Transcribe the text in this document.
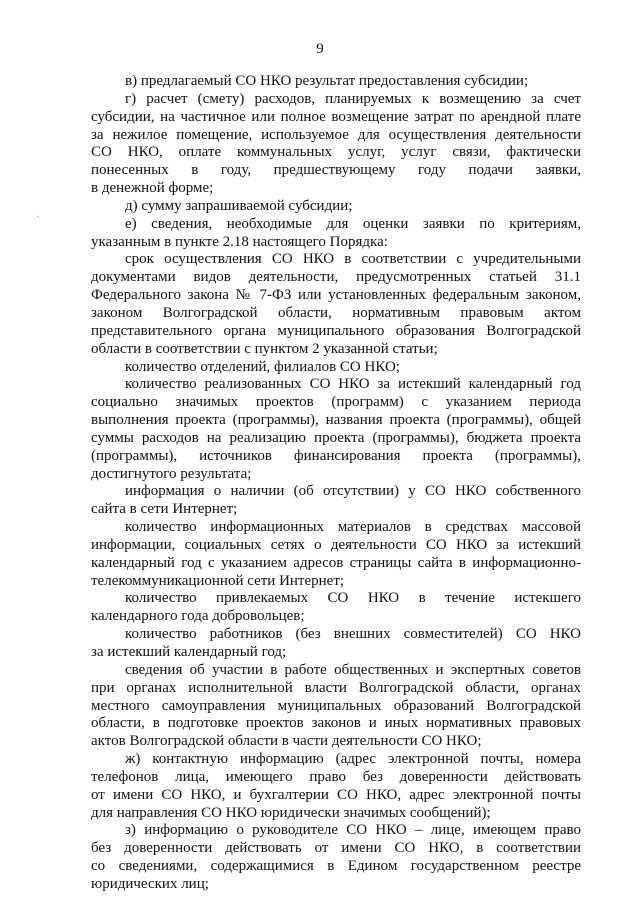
9
в) предлагаемый СО НКО результат предоставления субсидии;
г) расчет (смету) расходов, планируемых к возмещению за счет
субсидии, на частичное или полное возмещение затрат по арендной плате
за нежилое помещение, используемое для осуществления деятельности
СО НКО, оплате коммунальных услуг, услуг связи, фактически
понесенных в году, предшествующему году подачи заявки,
в денежной форме;
д) сумму запрашиваемой субсидии;
е) сведения, необходимые для оценки заявки по критериям,
указанным в пункте 2.18 настоящего Порядка:
срок осуществления СО НКО в соответствии с учредительными
документами видов деятельности, предусмотренных статьей 31.1
Федерального закона № 7-ФЗ или установленных федеральным законом,
законом Волгоградской области, нормативным правовым актом
представительного органа муниципального образования Волгоградской
области в соответствии с пунктом 2 указанной статьи;
количество отделений, филиалов СО НКО;
количество реализованных СО НКО за истекший календарный год
социально значимых проектов (программ) с указанием периода
выполнения проекта (программы), названия проекта (программы), общей
суммы расходов на реализацию проекта (программы), бюджета проекта
(программы), источников финансирования проекта (программы),
достигнутого результата;
информация о наличии (об отсутствии) у СО НКО собственного
сайта в сети Интернет;
количество информационных материалов в средствах массовой
информации, социальных сетях о деятельности СО НКО за истекший
календарный год с указанием адресов страницы сайта в информационно-
телекоммуникационной сети Интернет;
количество привлекаемых СО НКО в течение истекшего
календарного года добровольцев;
количество работников (без внешних совместителей) СО НКО
за истекший календарный год;
сведения об участии в работе общественных и экспертных советов
при органах исполнительной власти Волгоградской области, органах
местного самоуправления муниципальных образований Волгоградской
области, в подготовке проектов законов и иных нормативных правовых
актов Волгоградской области в части деятельности СО НКО;
ж) контактную информацию (адрес электронной почты, номера
телефонов лица, имеющего право без доверенности действовать
от имени СО НКО, и бухгалтерии СО НКО, адрес электронной почты
для направления СО НКО юридически значимых сообщений);
з) информацию о руководителе СО НКО – лице, имеющем право
без доверенности действовать от имени СО НКО, в соответствии
со сведениями, содержащимися в Едином государственном реестре
юридических лиц;
·
